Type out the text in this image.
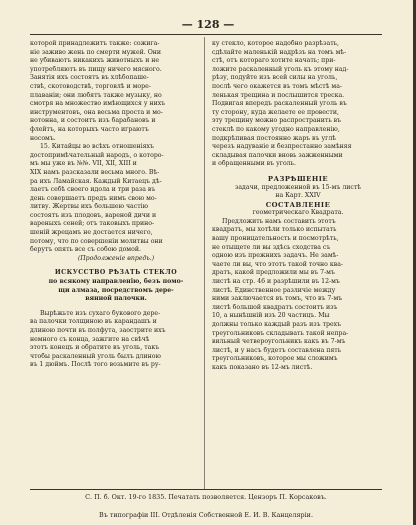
— 128 —
которой принадлежитъ также: сожига-
ніе заживо жень по смерти мужей. Они
не убиваютъ никакихъ животныхъ и не
употребляютъ въ пищу ничего мясного.
Занятія ихъ состоятъ въ хлѣбопаше-
ствѣ, скотоводствѣ, торговлѣ и море-
плаваніи; они любятъ также музыку, но
смотря на множество имѣющихся у нихъ
инструментовъ, она весьма проста и мо-
нотонна, и состоитъ изъ барабановъ и
флейтъ, на которыхъ часто играютъ
носомъ.
15. Китайцы во всѣхъ отношеніяхъ
достопримѣчательный народъ, о которо-
мъ мы уже въ №№. VII, XII, XIII и
XIX намъ разсказали весьма много. Вѣ-
ра ихъ Ламайская. Каждый Китаецъ дѣ-
лаетъ себѣ своего идола и три раза въ
день совершаетъ предъ нимъ свою мо-
литву. Жертвы ихъ большею частію
состоятъ изъ плодовъ, вареной дичи и
вареныхъ сеней; отъ таковыхъ прино-
шеній жрецамъ не достается ничего,
потому, что по совершеніи молитвы они
берутъ опять все съ собою домой.
(Продолженіе впредь.)
ИСКУССТВО РѢЗАТЬ СТЕКЛО
по всякому направленію, безъ помо-
щи алмаза, посредствомъ дере-
вянной палочки.
Вырѣжьте изъ сухаго букового дере-
ва палочки толщиною въ карандашъ и
длиною почти въ полфута, заострите ихъ
немного съ конца, зажгите на свѣчѣ
этотъ конецъ и обратите въ уголь, такъ
чтобы раскаленный уголь былъ длиною
въ 1 дюймъ. Послѣ того возьмите въ ру-
ку стекло, которое надобно разрѣзать,
сдѣлайте маленькій надрѣзъ на томъ мѣ-
стѣ, отъ котораго хотите начать; при-
ложите раскаленный уголь къ этому над-
рѣзу, подуйте изъ всей силы на уголь,
послѣ чего окажется въ томъ мѣстѣ ма-
ленькая трещина и послышится треска.
Подвигая впередъ раскаленный уголь въ
ту сторону, куда желаете ее провести,
эту трещину можно распространить въ
стеклѣ по какому угодно направленію,
подкрѣпивая постоянно жаръ въ углѣ
черезъ надуваніе и безпрестанно замѣняя
складывая палочки вновь зажженными
и обращенными въ уголь.
РАЗРѢШЕНІЕ
задачи, предложенной въ 15-мъ листѣ
на Карт. XXIV
СОСТАВЛЕНІЕ
геометрическаго Квадрата.
Предложить намъ составить этотъ
квадратъ, мы хотѣли только испытать
вашу проницательность и посмотрѣть,
не отыщете ли вы здѣсь сходства съ
одною изъ прежнихъ задачъ. Не замѣ-
чаете ли вы, что этотъ такой точно ква-
дратъ, какой предложили мы въ 7-мъ
листѣ на стр. 46 и разрѣшили въ 12-мъ
листѣ. Единственное различіе между
ними заключается въ томъ, что въ 7-мъ
листѣ большой квадратъ состоитъ изъ
10, а нынѣшній изъ 20 частицъ. Мы
должны только каждый разъ изъ трехъ
треугольниковъ складывать такой непра-
вильный четвероугольникъ какъ въ 7-мъ
листѣ, и у насъ будетъ составлена пять
треугольниковъ, которое мы сложимъ
какъ показано въ 12-мъ листѣ.
С. П. б. Окт. 19-го 1835. Печатать позволяется. Цензоръ П. Корсаковъ.
Въ типографіи III. Отдѣленія Собственной Е. И. В. Канцеляріи.
